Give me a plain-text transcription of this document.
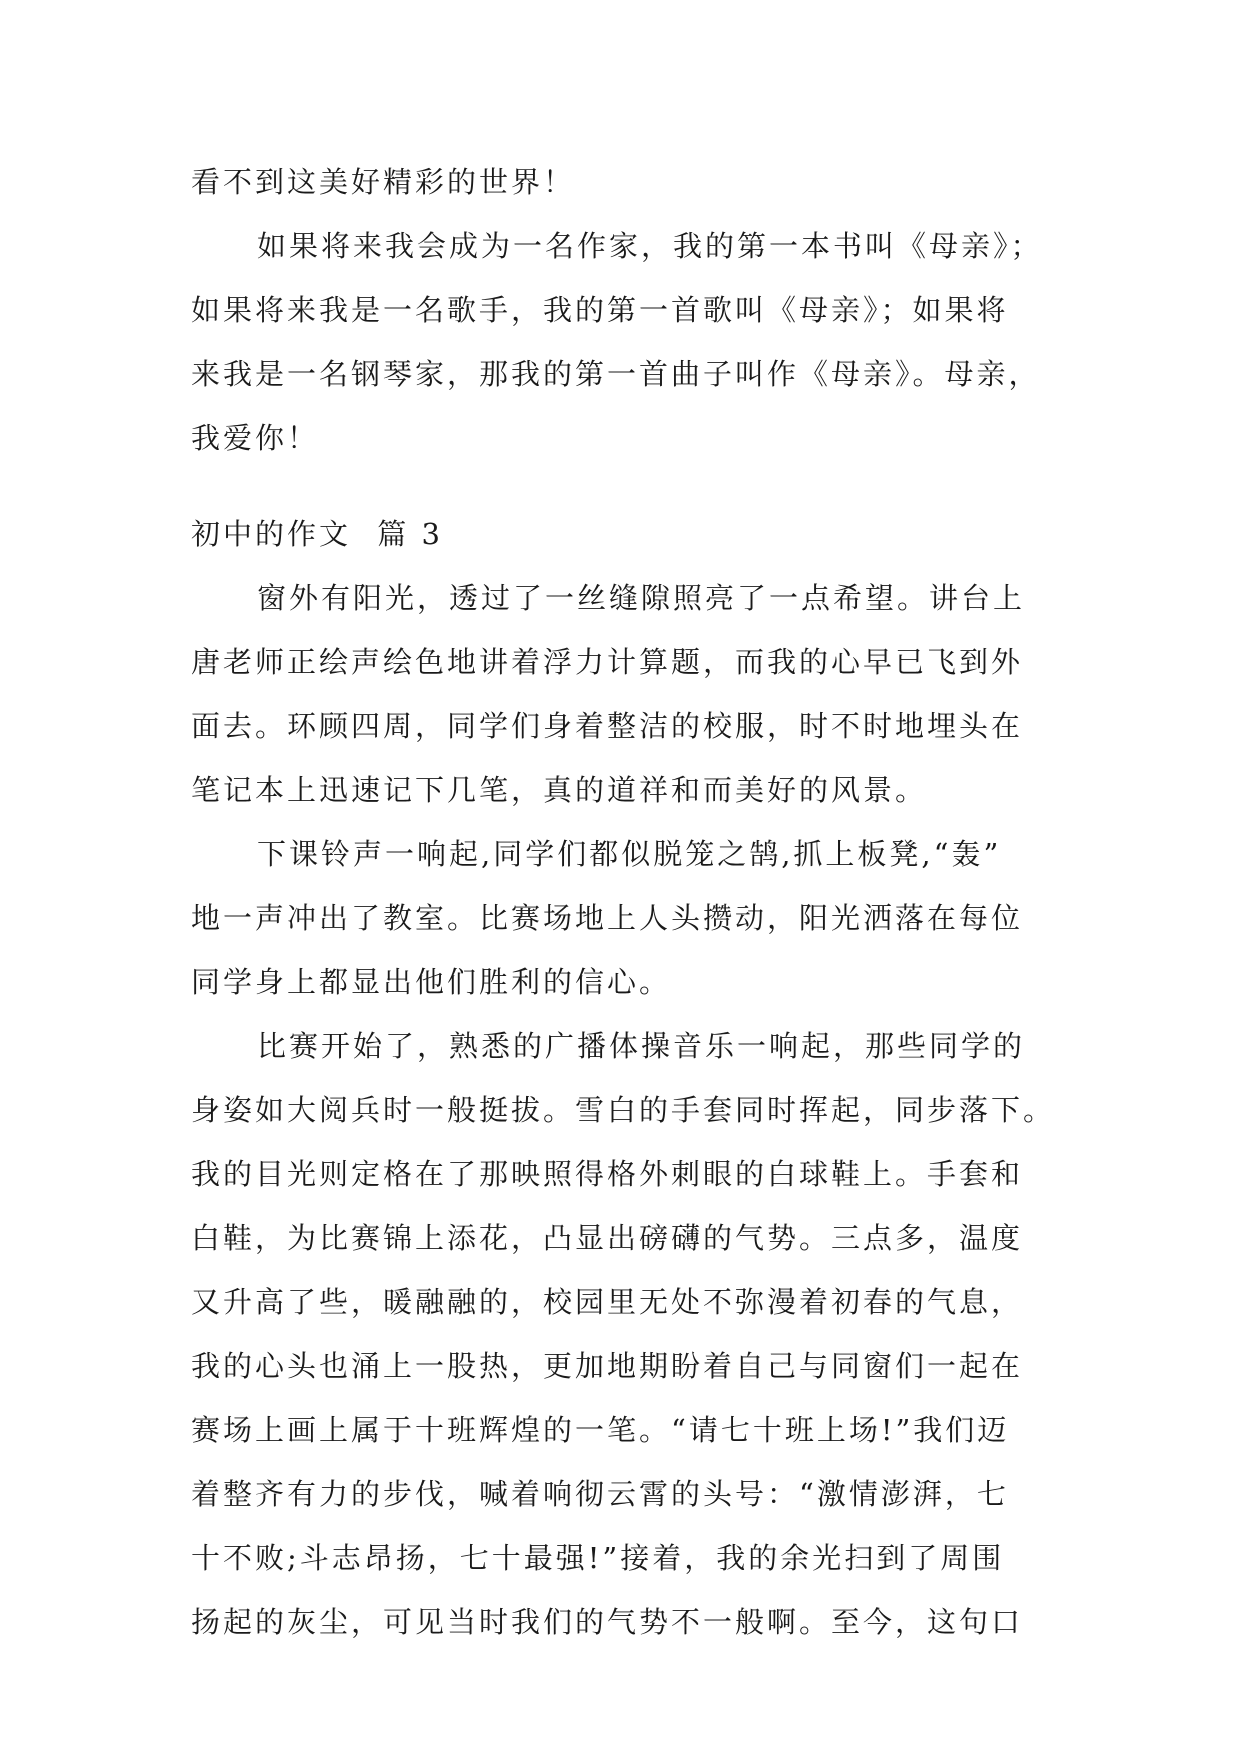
看不到这美好精彩的世界！
如果将来我会成为一名作家，我的第一本书叫《母亲》；
如果将来我是一名歌手，我的第一首歌叫《母亲》；如果将
来我是一名钢琴家，那我的第一首曲子叫作《母亲》。母亲，
我爱你！
初中的作文 篇 3
窗外有阳光，透过了一丝缝隙照亮了一点希望。讲台上
唐老师正绘声绘色地讲着浮力计算题，而我的心早已飞到外
面去。环顾四周，同学们身着整洁的校服，时不时地埋头在
笔记本上迅速记下几笔，真的道祥和而美好的风景。
下课铃声一响起,同学们都似脱笼之鹄,抓上板凳,“轰”
地一声冲出了教室。比赛场地上人头攒动，阳光洒落在每位
同学身上都显出他们胜利的信心。
比赛开始了，熟悉的广播体操音乐一响起，那些同学的
身姿如大阅兵时一般挺拔。雪白的手套同时挥起，同步落下。
我的目光则定格在了那映照得格外刺眼的白球鞋上。手套和
白鞋，为比赛锦上添花，凸显出磅礴的气势。三点多，温度
又升高了些，暖融融的，校园里无处不弥漫着初春的气息，
我的心头也涌上一股热，更加地期盼着自己与同窗们一起在
赛场上画上属于十班辉煌的一笔。“请七十班上场!”我们迈
着整齐有力的步伐，喊着响彻云霄的头号：“激情澎湃，七
十不败;斗志昂扬，七十最强!”接着，我的余光扫到了周围
扬起的灰尘，可见当时我们的气势不一般啊。至今，这句口
